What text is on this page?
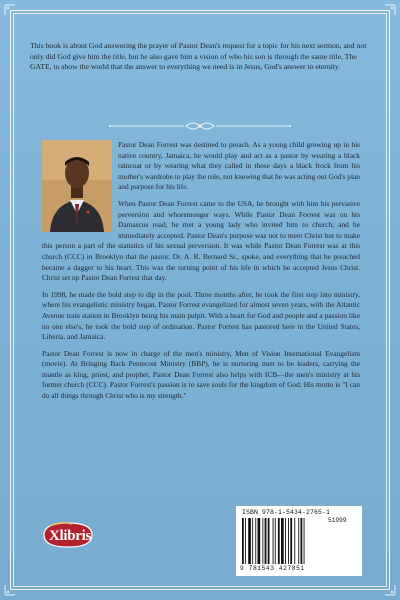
This book is about God answering the prayer of Pastor Dean's request for a topic for his next sermon, and not only did God give him the title, but he also gave him a vision of who his son is through the same title, The GATE, to show the world that the answer to everything we need is in Jesus, God's answer to eternity.

Pastor Dean Forrest was destined to preach. As a young child growing up in his native country, Jamaica, he would play and act as a pastor by wearing a black raincoat or by wearing what they called in those days a black frock from his mother's wardrobe to play the role, not knowing that he was acting out God's plan and purpose for his life.

When Pastor Dean Forrest came to the USA, he brought with him his pervasive perversion and whoremonger ways. While Pastor Dean Forrest was on his Damascus road, he met a young lady who invited him to church, and he immediately accepted. Pastor Dean's purpose was not to meet Christ but to make this person a part of the statistics of his sexual perversion. It was while Pastor Dean Forrest was at this church (CCC) in Brooklyn that the pastor, Dr. A. R. Bernard Sr., spoke, and everything that he preached became a dagger to his heart. This was the turning point of his life in which he accepted Jesus Christ. Christ set up Pastor Dean Forrest that day.

In 1998, he made the bold step to dip in the pool. Three months after, he took the first step into ministry, where his evangelistic ministry began. Pastor Forrest evangelized for almost seven years, with the Atlantic Avenue train station in Brooklyn being his main pulpit. With a heart for God and people and a passion like no one else's, he took the bold step of ordination. Pastor Forrest has pastored here in the United States, Liberia, and Jamaica.

Pastor Dean Forrest is now in charge of the men's ministry, Men of Vision International Evangelism (movie). At Bringing Back Pentecost Ministry (BBP), he is nurturing men to be leaders, carrying the mantle as king, priest, and prophet. Pastor Dean Forrest also helps with ICB—the men's ministry at his former church (CCC). Pastor Forrest's passion is to save souls for the kingdom of God. His motto is "I can do all things through Christ who is my strength."

Xlibris
ISBN 978-1-5434-2765-1
51999
9 781543 427851
